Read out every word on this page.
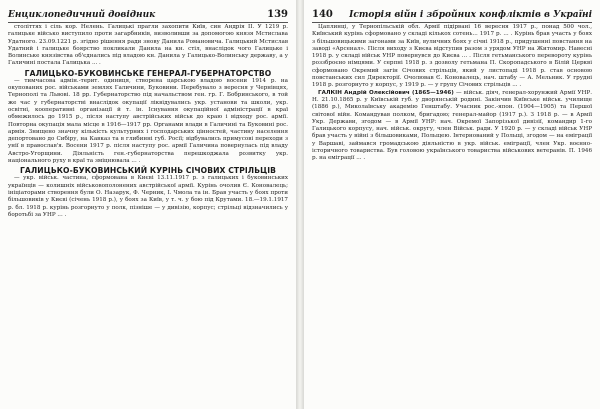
Енциклопедичний довідник	139

століттях і сіль кор. Нелень. Галицькі прагли захопити Київ, син Андрія II. У 1219 р. галицьке військо виступило проти загарбників, визволивши за допомогою князя Мстислава Удатного. 23.09.1221 р. згідно рішення ради знову Данила Романовича. Галицький Мстислав Удатний і галицьке боярство покликали Данила на кн. стіл, внаслідок чого Галицьке і Волинське князівства об'єднались під владою кн. Данила у Галицько-Волинську державу, а у Галичині постала Галицька ... .

ГАЛИЦЬКО-БУКОВИНСЬКЕ ГЕНЕРАЛ-ГУБЕРНАТОРСТВО

— тимчасова адмін.-терит. одиниця, створена царською владою восени 1914 р. на окупованих рос. військами землях Галичини, Буковини. Перебувало з вересня у Чернівцях, Тернополі та Львові. 18 рр. Губернаторство під начальством ген. гр. Г. Бобринського, в той же час у губернаторстві внаслідок окупації ліквідувались укр. установи та школи, укр. освітні, кооперативні організації й т. ін. Існування окупаційної адміністрації в краї обмежилось до 1915 р., після наступу австрійських військ до краю і відходу рос. армії. Повторна окупація мала місце в 1916—1917 рр. Органами влади в Галичині та Буковині рос. армія. Знищено значну кількість культурних і господарських цінностей, частину населення депортовано до Сибіру, на Кавказ та в глибинні губ. Росії; відбувались примусові переходи з унії в православ'я. Восени 1917 р. після наступу рос. армії Галичина повернулась під владу Австро-Угорщини. Діяльність ген.-губернаторства перешкоджала розвитку укр. національного руху в краї та зміцнювала ... .

ГАЛИЦЬКО-БУКОВИНСЬКИЙ КУРІНЬ СІЧОВИХ СТРІЛЬЦІВ

— укр. військ. частина, сформована в Києві 13.11.1917 р. з галицьких і буковинських українців — колишніх військовополонених австрійської армії. Курінь очолив Є. Коновалець; ініціаторами створення були О. Назарук, Ф. Черник, І. Чмола та ін. Брав участь у боях проти більшовиків у Києві (січень 1918 р.), у боях за Київ, у т. ч. у бою під Крутами. 18.—19.1.1917 р. бл. 1918 р. курінь розгорнуто у полк, пізніше — у дивізію, корпус; стрільці відзначились у боротьбі за УНР ... .

140 Історія війн і збройних конфліктів в Україні

Цаплинці, у Тернопільській обл. Армії підірвані 16 вересня 1917 р., понад 500 чол., Київський курінь сформовано у складі кількох сотень... 1917 р. ... . Курінь брав участь у боях з більшовицькими загонами за Київ, вуличних боях у січні 1918 р., придушенні повстання на заводі «Арсенал». Після виходу з Києва відступив разом з урядом УНР на Житомир. Навесні 1918 р. у складі військ УНР повернувся до Києва ... . Після гетьманського перевороту курінь роззброєно німцями. У серпні 1918 р. з дозволу гетьмана П. Скоропадського в Білій Церкві сформовано Окремий загін Січових стрільців, який у листопаді 1918 р. став основою повстанських сил Директорії. Очолював Є. Коновалець, нач. штабу — А. Мельник. У грудні 1918 р. розгорнуто у корпус, у 1919 р. — у групу Січових стрільців ... .

ГАЛКІН Андрій Олексійович (1865—1946) — військ. діяч, генерал-хорунжий Армії УНР. Н. 21.10.1865 р. у Київській губ. у дворянській родині. Закінчив Київське військ. училище (1886 р.), Миколаївську академію Генштабу. Учасник рос.-япон. (1904—1905) та Першої світової війн. Командував полком, бригадою; генерал-майор (1917 р.). З 1918 р. — в Армії Укр. Держави, згодом — в Армії УНР: нач. Окремої Запорізької дивізії, командир 1-го Галицького корпусу, нач. військ. округу, член Військ. ради. У 1920 р. — у складі військ УНР брав участь у війні з більшовиками, Польщею. Інтернований у Польщі, згодом — на еміграції у Варшаві, займався громадською діяльністю в укр. військ. еміграції, член Укр. воєнно-історичного товариства. Був головою українського товариства військових ветеранів. П. 1946 р. на еміграції ... .
